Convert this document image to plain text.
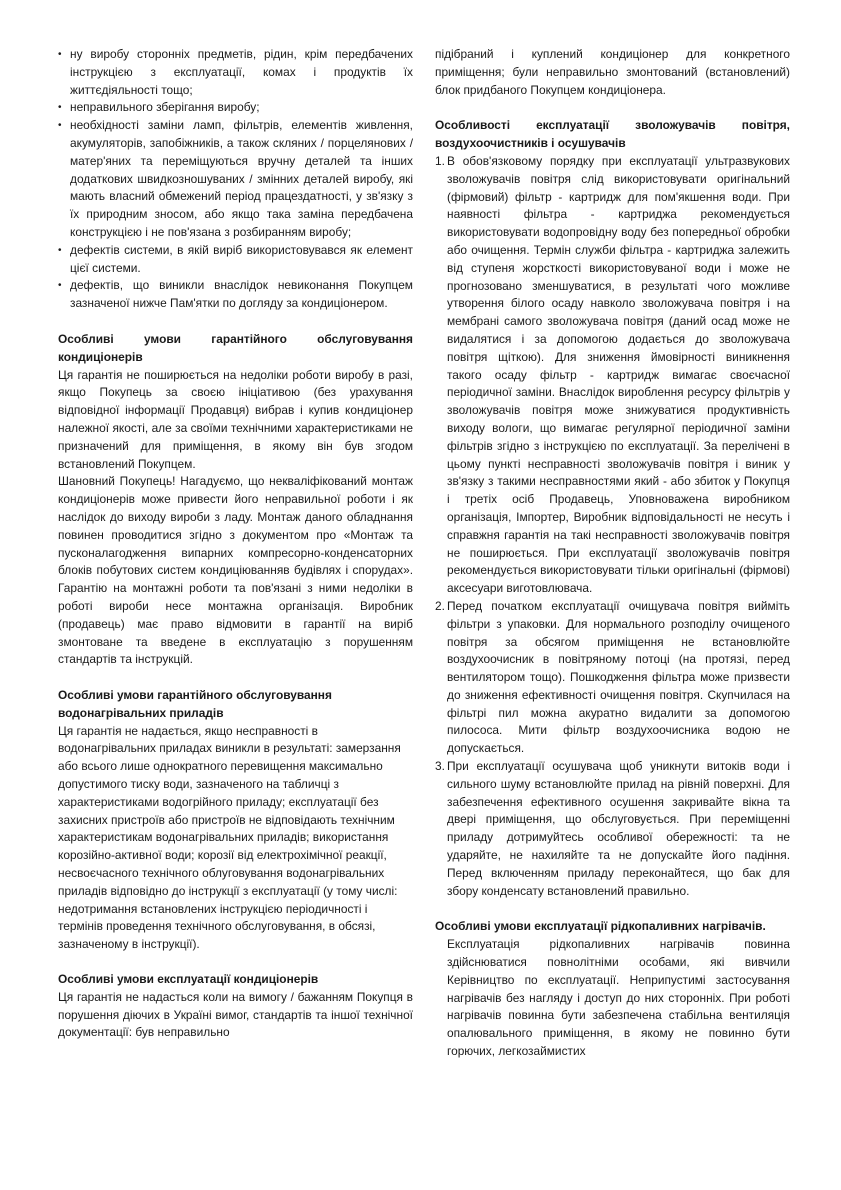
• ну виробу сторонніх предметів, рідин, крім передбачених інструкцією з експлуатації, комах і продуктів їх життєдіяльності тощо;
• неправильного зберігання виробу;
• необхідності заміни ламп, фільтрів, елементів живлення, акумуляторів, запобіжників, а також скляних / порцелянових / матер'яних та переміщуються вручну деталей та інших додаткових швидкозношуваних / змінних деталей виробу, які мають власний обмежений період працездатності, у зв'язку з їх природним зносом, або якщо така заміна передбачена конструкцією і не пов'язана з розбиранням виробу;
• дефектів системи, в якій виріб використовувався як елемент цієї системи.
• дефектів, що виникли внаслідок невиконання Покупцем зазначеної нижче Пам'ятки по догляду за кондиціонером.
Особливі умови гарантійного обслуговування кондиціонерів

Ця гарантія не поширюється на недоліки роботи виробу в разі, якщо Покупець за своєю ініціативою (без урахування відповідної інформації Продавця) вибрав і купив кондиціонер належної якості, але за своїми технічними характеристиками не призначений для приміщення, в якому він був згодом встановлений Покупцем.

Шановний Покупець! Нагадуємо, що некваліфікований монтаж кондиціонерів може привести його неправильної роботи і як наслідок до виходу вироби з ладу. Монтаж даного обладнання повинен проводитися згідно з документом про «Монтаж та пусконалагодження випарних компресорно-конденсаторних блоків побутових систем кондиціюванняв будівлях і спорудах». Гарантію на монтажні роботи та пов'язані з ними недоліки в роботі вироби несе монтажна організація. Виробник (продавець) має право відмовити в гарантії на виріб змонтоване та введене в експлуатацію з порушенням стандартів та інструкцій.

Особливі умови гарантійного обслуговування водонагрівальних приладів

Ця гарантія не надається, якщо несправності в водонагрівальних приладах виникли в результаті: замерзання або всього лише однократного перевищення максимально допустимого тиску води, зазначеного на табличці з характеристиками водогрійного приладу; експлуатації без захисних пристроїв або пристроїв не відповідають технічним характеристикам водонагрівальних приладів; використання корозійно-активної води; корозії від електрохімічної реакції, несвоєчасного технічного облуговування водонагрівальних приладів відповідно до інструкції з експлуатації (у тому числі: недотримання встановлених інструкцією періодичності і термінів проведення технічного обслуговування, в обсязі, зазначеному в інструкції).

Особливі умови експлуатації кондиціонерів

Ця гарантія не надасться коли на вимогу / бажанням Покупця в порушення діючих в Україні вимог, стандартів та іншої технічної документації: був неправильно

підібраний і куплений кондиціонер для конкретного приміщення; були неправильно змонтований (встановлений) блок придбаного Покупцем кондиціонера.

Особливості експлуатації зволожувачів повітря, воздухоочистників і осушувачів
1. В обов'язковому порядку при експлуатації ультразвукових зволожувачів повітря слід використовувати оригінальний (фірмовий) фільтр - картридж для пом'якшення води. При наявності фільтра - картриджа рекомендується використовувати водопровідну воду без попередньої обробки або очищення. Термін служби фільтра - картриджа залежить від ступеня жорсткості використовуваної води і може не прогнозовано зменшуватися, в результаті чого можливе утворення білого осаду навколо зволожувача повітря і на мембрані самого зволожувача повітря (даний осад може не видалятися і за допомогою додається до зволожувача повітря щіткою). Для зниження ймовірності виникнення такого осаду фільтр - картридж вимагає своєчасної періодичної заміни. Внаслідок вироблення ресурсу фільтрів у зволожувачів повітря може знижуватися продуктивність виходу вологи, що вимагає регулярної періодичної заміни фільтрів згідно з інструкцією по експлуатації. За перелічені в цьому пункті несправності зволожувачів повітря і виник у зв'язку з такими несправностями який - або збиток у Покупця і третіх осіб Продавець, Уповноважена виробником організація, Імпортер, Виробник відповідальності не несуть і справжня гарантія на такі несправності зволожувачів повітря не поширюється. При експлуатації зволожувачів повітря рекомендується використовувати тільки оригінальні (фірмові) аксесуари виготовлювача.
2. Перед початком експлуатації очищувача повітря вийміть фільтри з упаковки. Для нормального розподілу очищеного повітря за обсягом приміщення не встановлюйте воздухоочисник в повітряному потоці (на протязі, перед вентилятором тощо). Пошкодження фільтра може призвести до зниження ефективності очищення повітря. Скупчилася на фільтрі пил можна акуратно видалити за допомогою пилососа. Мити фільтр воздухоочисника водою не допускається.
3. При експлуатації осушувача щоб уникнути витоків води і сильного шуму встановлюйте прилад на рівній поверхні. Для забезпечення ефективного осушення закривайте вікна та двері приміщення, що обслуговується. При переміщенні приладу дотримуйтесь особливої обережності: та не ударяйте, не нахиляйте та не допускайте його падіння. Перед включенням приладу переконайтеся, що бак для збору конденсату встановлений правильно.
Особливі умови експлуатації рідкопаливних нагрівачів.

Експлуатація рідкопаливних нагрівачів повинна здійснюватися повнолітніми особами, які вивчили Керівництво по експлуатації. Неприпустимі застосування нагрівачів без нагляду і доступ до них сторонніх. При роботі нагрівачів повинна бути забезпечена стабільна вентиляція опалювального приміщення, в якому не повинно бути горючих, легкозаймистих
